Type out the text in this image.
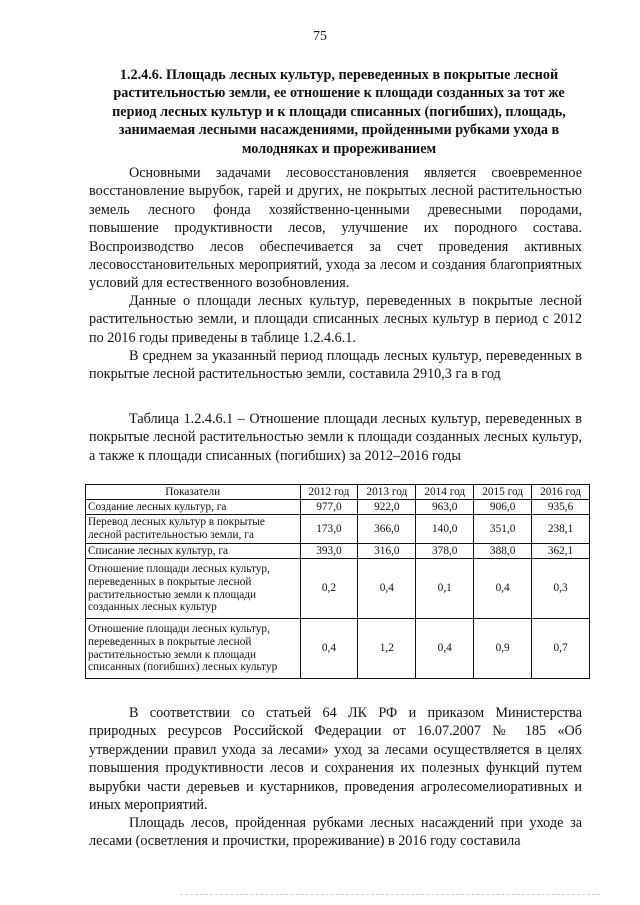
75
1.2.4.6. Площадь лесных культур, переведенных в покрытые лесной растительностью земли, ее отношение к площади созданных за тот же период лесных культур и к площади списанных (погибших), площадь, занимаемая лесными насаждениями, пройденными рубками ухода в молодняках и прореживанием

Основными задачами лесовосстановления является своевременное восстановление вырубок, гарей и других, не покрытых лесной растительностью земель лесного фонда хозяйственно-ценными древесными породами, повышение продуктивности лесов, улучшение их породного состава. Воспроизводство лесов обеспечивается за счет проведения активных лесовосстановительных мероприятий, ухода за лесом и создания благоприятных условий для естественного возобновления.

Данные о площади лесных культур, переведенных в покрытые лесной растительностью земли, и площади списанных лесных культур в период с 2012 по 2016 годы приведены в таблице 1.2.4.6.1.

В среднем за указанный период площадь лесных культур, переведенных в покрытые лесной растительностью земли, составила 2910,3 га в год

Таблица 1.2.4.6.1 – Отношение площади лесных культур, переведенных в покрытые лесной растительностью земли к площади созданных лесных культур, а также к площади списанных (погибших) за 2012–2016 годы

Показатели	2012 год	2013 год	2014 год	2015 год	2016 год
Создание лесных культур, га	977,0	922,0	963,0	906,0	935,6
Перевод лесных культур в покрытые лесной растительностью земли, га	173,0	366,0	140,0	351,0	238,1
Списание лесных культур, га	393,0	316,0	378,0	388,0	362,1
Отношение площади лесных культур, переведенных в покрытые лесной растительностью земли к площади созданных лесных культур	0,2	0,4	0,1	0,4	0,3
Отношение площади лесных культур, переведенных в покрытые лесной растительностью земли к площади списанных (погибших) лесных культур	0,4	1,2	0,4	0,9	0,7

В соответствии со статьей 64 ЛК РФ и приказом Министерства природных ресурсов Российской Федерации от 16.07.2007 № 185 «Об утверждении правил ухода за лесами» уход за лесами осуществляется в целях повышения продуктивности лесов и сохранения их полезных функций путем вырубки части деревьев и кустарников, проведения агролесомелиоративных и иных мероприятий.

Площадь лесов, пройденная рубками лесных насаждений при уходе за лесами (осветления и прочистки, прореживание) в 2016 году составила
